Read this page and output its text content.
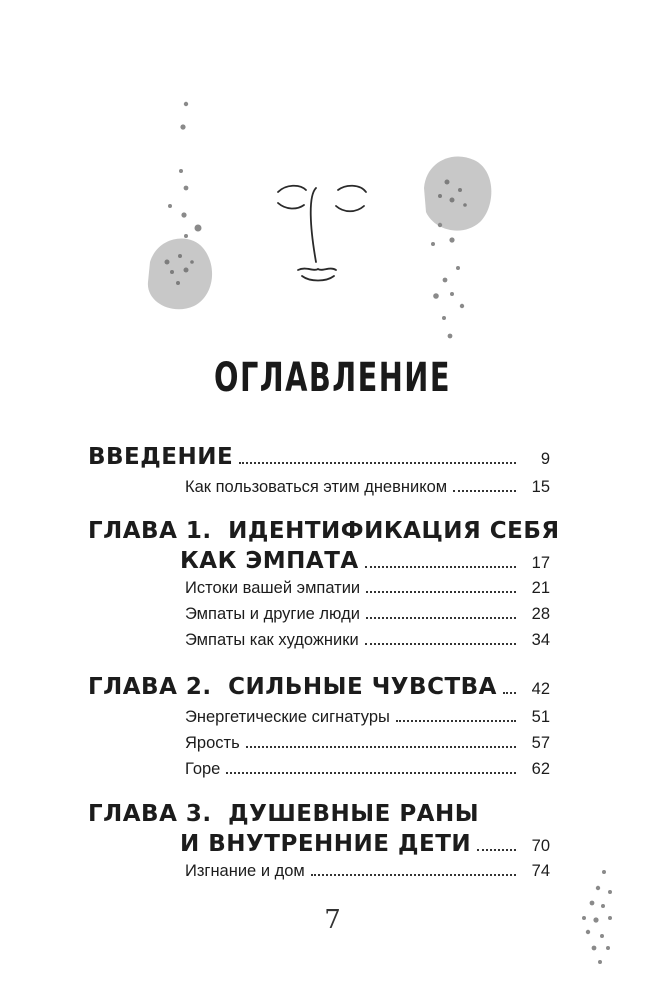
ОГЛАВЛЕНИЕ
ВВЕДЕНИЕ	9
Как пользоваться этим дневником	15
ГЛАВА 1. ИДЕНТИФИКАЦИЯ СЕБЯ
КАК ЭМПАТА	17
Истоки вашей эмпатии	21
Эмпаты и другие люди	28
Эмпаты как художники	34
ГЛАВА 2. СИЛЬНЫЕ ЧУВСТВА 42
Энергетические сигнатуры	51
Ярость	57
Горе	62
ГЛАВА 3. ДУШЕВНЫЕ РАНЫ
И ВНУТРЕННИЕ ДЕТИ	70
Изгнание и дом	74
7
